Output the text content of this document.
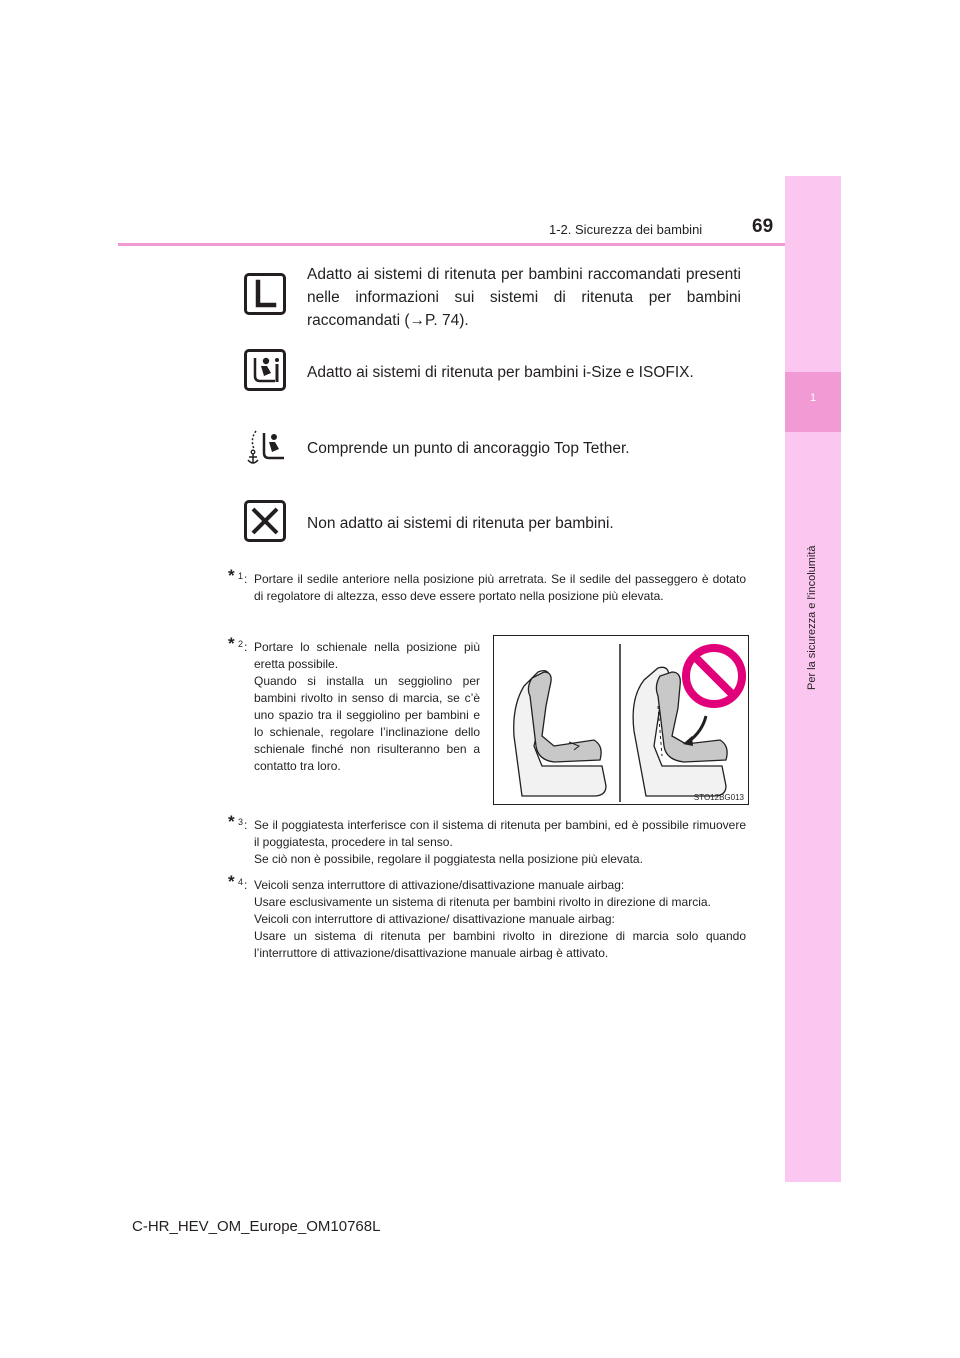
1-2. Sicurezza dei bambini	69
1
Per la sicurezza e l'incolumità
Adatto ai sistemi di ritenuta per bambini raccomandati presenti nelle informazioni sui sistemi di ritenuta per bambini raccomandati (→P. 74).
Adatto ai sistemi di ritenuta per bambini i-Size e ISOFIX.
Comprende un punto di ancoraggio Top Tether.
Non adatto ai sistemi di ritenuta per bambini.
* 1 : Portare il sedile anteriore nella posizione più arretrata. Se il sedile del passeggero è dotato di regolatore di altezza, esso deve essere portato nella posizione più elevata.

* 2 : Portare lo schienale nella posizione più eretta possibile.

Quando si installa un seggiolino per bambini rivolto in senso di marcia, se c’è uno spazio tra il seggiolino per bambini e lo schienale, regolare l’inclinazione dello schienale finché non risulteranno ben a contatto tra loro.

STO12BG013
* 3 : Se il poggiatesta interferisce con il sistema di ritenuta per bambini, ed è possibile rimuovere il poggiatesta, procedere in tal senso.

Se ciò non è possibile, regolare il poggiatesta nella posizione più elevata.

* 4 : Veicoli senza interruttore di attivazione/disattivazione manuale airbag:

Usare esclusivamente un sistema di ritenuta per bambini rivolto in direzione di marcia.

Veicoli con interruttore di attivazione/ disattivazione manuale airbag:

Usare un sistema di ritenuta per bambini rivolto in direzione di marcia solo quando l’interruttore di attivazione/disattivazione manuale airbag è attivato.

C-HR_HEV_OM_Europe_OM10768L
